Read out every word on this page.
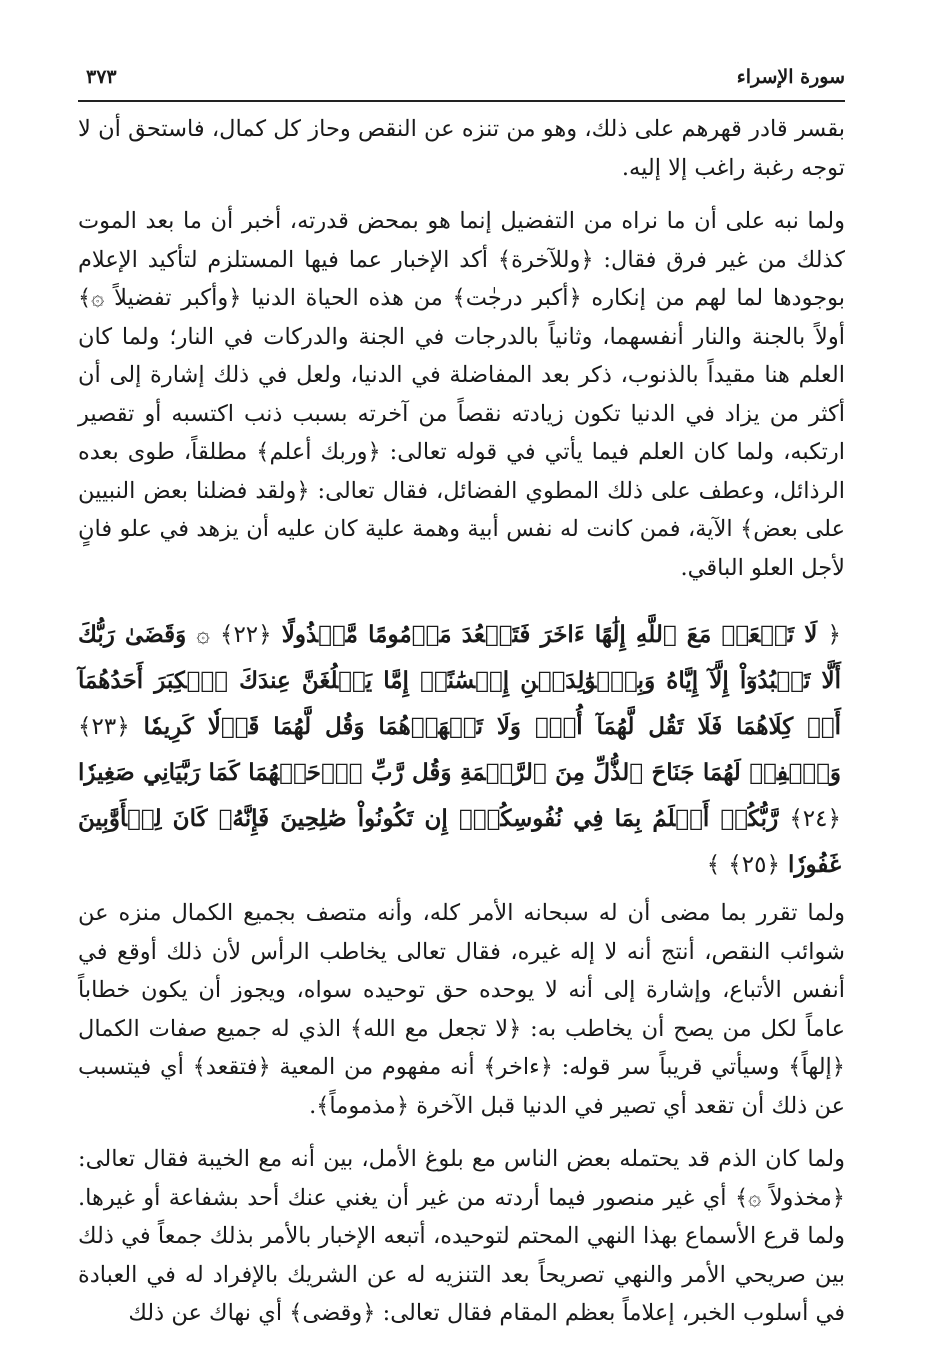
سورة الإسراء
٣٧٣

بقسر قادر قهرهم على ذلك، وهو من تنزه عن النقص وحاز كل كمال، فاستحق أن لا توجه رغبة راغب إلا إليه.

ولما نبه على أن ما نراه من التفضيل إنما هو بمحض قدرته، أخبر أن ما بعد الموت كذلك من غير فرق فقال: ﴿وللآخرة﴾ أكد الإخبار عما فيها المستلزم لتأكيد الإعلام بوجودها لما لهم من إنكاره ﴿أكبر درجٰت﴾ من هذه الحياة الدنيا ﴿وأكبر تفضيلاً ۞﴾ أولاً بالجنة والنار أنفسهما، وثانياً بالدرجات في الجنة والدركات في النار؛ ولما كان العلم هنا مقيداً بالذنوب، ذكر بعد المفاضلة في الدنيا، ولعل في ذلك إشارة إلى أن أكثر من يزاد في الدنيا تكون زيادته نقصاً من آخرته بسبب ذنب اكتسبه أو تقصير ارتكبه، ولما كان العلم فيما يأتي في قوله تعالى: ﴿وربك أعلم﴾ مطلقاً، طوى بعده الرذائل، وعطف على ذلك المطوي الفضائل، فقال تعالى: ﴿ولقد فضلنا بعض النبيين على بعض﴾ الآية، فمن كانت له نفس أبية وهمة علية كان عليه أن يزهد في علو فانٍ لأجل العلو الباقي.

﴿ لَا تَجۡعَلۡ مَعَ ٱللَّهِ إِلَٰهًا ءَاخَرَ فَتَقۡعُدَ مَذۡمُومًا مَّخۡذُولًا ﴿٢٢﴾ ۞ وَقَضَىٰ رَبُّكَ أَلَّا تَعۡبُدُوٓاْ إِلَّآ إِيَّاهُ وَبِٱلۡوَٰلِدَيۡنِ إِحۡسَٰنًاۚ إِمَّا يَبۡلُغَنَّ عِندَكَ ٱلۡكِبَرَ أَحَدُهُمَآ أَوۡ كِلَاهُمَا فَلَا تَقُل لَّهُمَآ أُفّٖ وَلَا تَنۡهَرۡهُمَا وَقُل لَّهُمَا قَوۡلٗا كَرِيمٗا ﴿٢٣﴾ وَٱخۡفِضۡ لَهُمَا جَنَاحَ ٱلذُّلِّ مِنَ ٱلرَّحۡمَةِ وَقُل رَّبِّ ٱرۡحَمۡهُمَا كَمَا رَبَّيَانِي صَغِيرٗا ﴿٢٤﴾ رَّبُّكُمۡ أَعۡلَمُ بِمَا فِي نُفُوسِكُمۡۚ إِن تَكُونُواْ صَٰلِحِينَ فَإِنَّهُۥ كَانَ لِلۡأَوَّٰبِينَ غَفُورٗا ﴿٢٥﴾ ﴾

ولما تقرر بما مضى أن له سبحانه الأمر كله، وأنه متصف بجميع الكمال منزه عن شوائب النقص، أنتج أنه لا إله غيره، فقال تعالى يخاطب الرأس لأن ذلك أوقع في أنفس الأتباع، وإشارة إلى أنه لا يوحده حق توحيده سواه، ويجوز أن يكون خطاباً عاماً لكل من يصح أن يخاطب به: ﴿لا تجعل مع الله﴾ الذي له جميع صفات الكمال ﴿إلهاً﴾ وسيأتي قريباً سر قوله: ﴿ءاخر﴾ أنه مفهوم من المعية ﴿فتقعد﴾ أي فيتسبب عن ذلك أن تقعد أي تصير في الدنيا قبل الآخرة ﴿مذموماً﴾.

ولما كان الذم قد يحتمله بعض الناس مع بلوغ الأمل، بين أنه مع الخيبة فقال تعالى: ﴿مخذولاً ۞﴾ أي غير منصور فيما أردته من غير أن يغني عنك أحد بشفاعة أو غيرها. ولما قرع الأسماع بهذا النهي المحتم لتوحيده، أتبعه الإخبار بالأمر بذلك جمعاً في ذلك بين صريحي الأمر والنهي تصريحاً بعد التنزيه له عن الشريك بالإفراد له في العبادة في أسلوب الخبر، إعلاماً بعظم المقام فقال تعالى: ﴿وقضى﴾ أي نهاك عن ذلك
